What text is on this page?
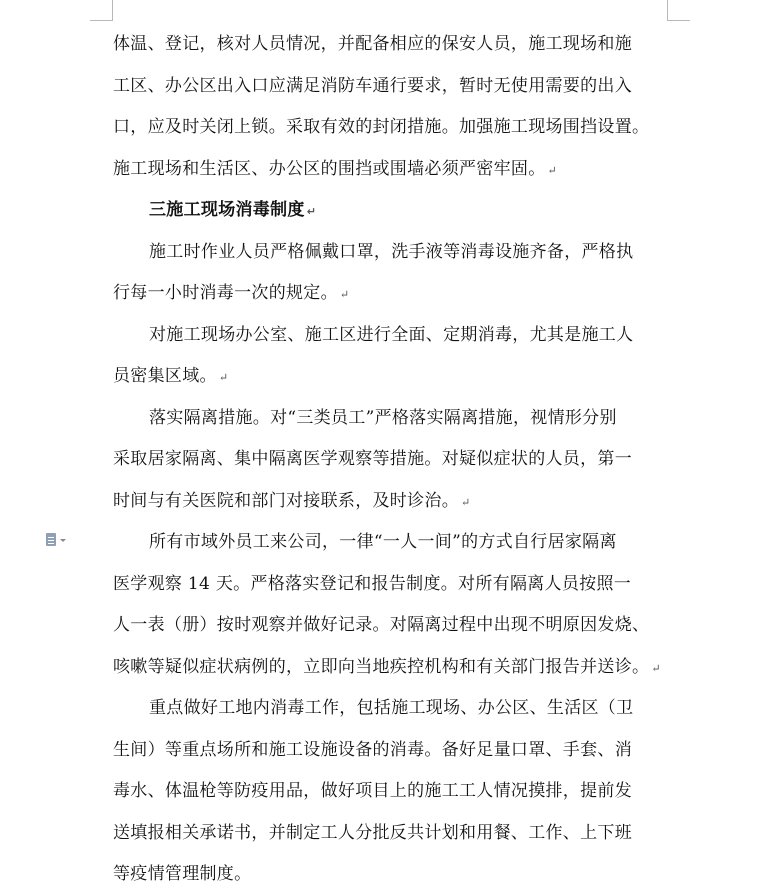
体温、登记，核对人员情况，并配备相应的保安人员，施工现场和施
工区、办公区出入口应满足消防车通行要求，暂时无使用需要的出入
口，应及时关闭上锁。采取有效的封闭措施。加强施工现场围挡设置。
施工现场和生活区、办公区的围挡或围墙必须严密牢固。 ↵
三施工现场消毒制度 ↵
施工时作业人员严格佩戴口罩，洗手液等消毒设施齐备，严格执
行每一小时消毒一次的规定。 ↵
对施工现场办公室、施工区进行全面、定期消毒，尤其是施工人
员密集区域。 ↵
落实隔离措施。对“三类员工”严格落实隔离措施，视情形分别
采取居家隔离、集中隔离医学观察等措施。对疑似症状的人员，第一
时间与有关医院和部门对接联系，及时诊治。 ↵
所有市域外员工来公司，一律“一人一间”的方式自行居家隔离
医学观察 14 天。严格落实登记和报告制度。对所有隔离人员按照一
人一表（册）按时观察并做好记录。对隔离过程中出现不明原因发烧、
咳嗽等疑似症状病例的，立即向当地疾控机构和有关部门报告并送诊。 ↵
重点做好工地内消毒工作，包括施工现场、办公区、生活区（卫
生间）等重点场所和施工设施设备的消毒。备好足量口罩、手套、消
毒水、体温枪等防疫用品，做好项目上的施工工人情况摸排，提前发
送填报相关承诺书，并制定工人分批反共计划和用餐、工作、上下班
等疫情管理制度。
